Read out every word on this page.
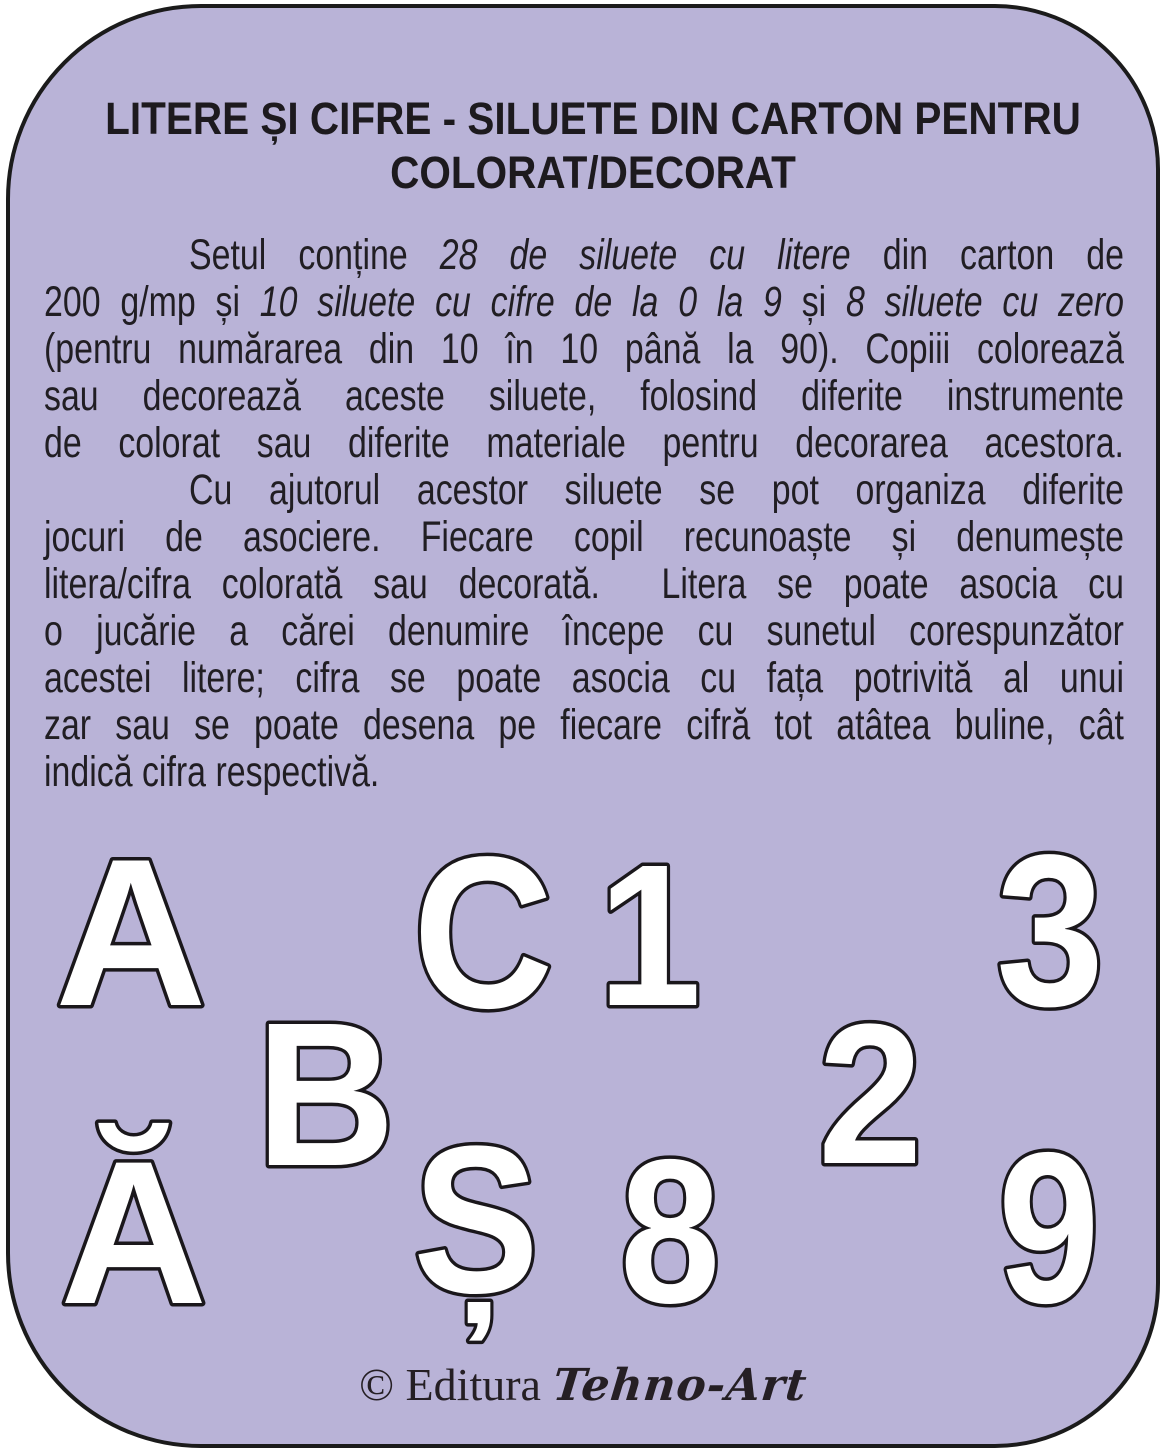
LITERE ȘI CIFRE - SILUETE DIN CARTON PENTRU
COLORAT/DECORAT
Setul conține 28 de siluete cu litere din carton de
200 g/mp și 10 siluete cu cifre de la 0 la 9 și 8 siluete cu zero
(pentru numărarea din 10 în 10 până la 90). Copiii colorează
sau decorează aceste siluete, folosind diferite instrumente
de colorat sau diferite materiale pentru decorarea acestora.
Cu ajutorul acestor siluete se pot organiza diferite
jocuri de asociere. Fiecare copil recunoaște și denumește
litera/cifra colorată sau decorată.  Litera se poate asocia cu
o jucărie a cărei denumire începe cu sunetul corespunzător
acestei litere; cifra se poate asocia cu fața potrivită al unui
zar sau se poate desena pe fiecare cifră tot atâtea buline, cât
indică cifra respectivă.
© Editura Tehno-Art
A C 1 3
B 2
Ă Ș 8 9
